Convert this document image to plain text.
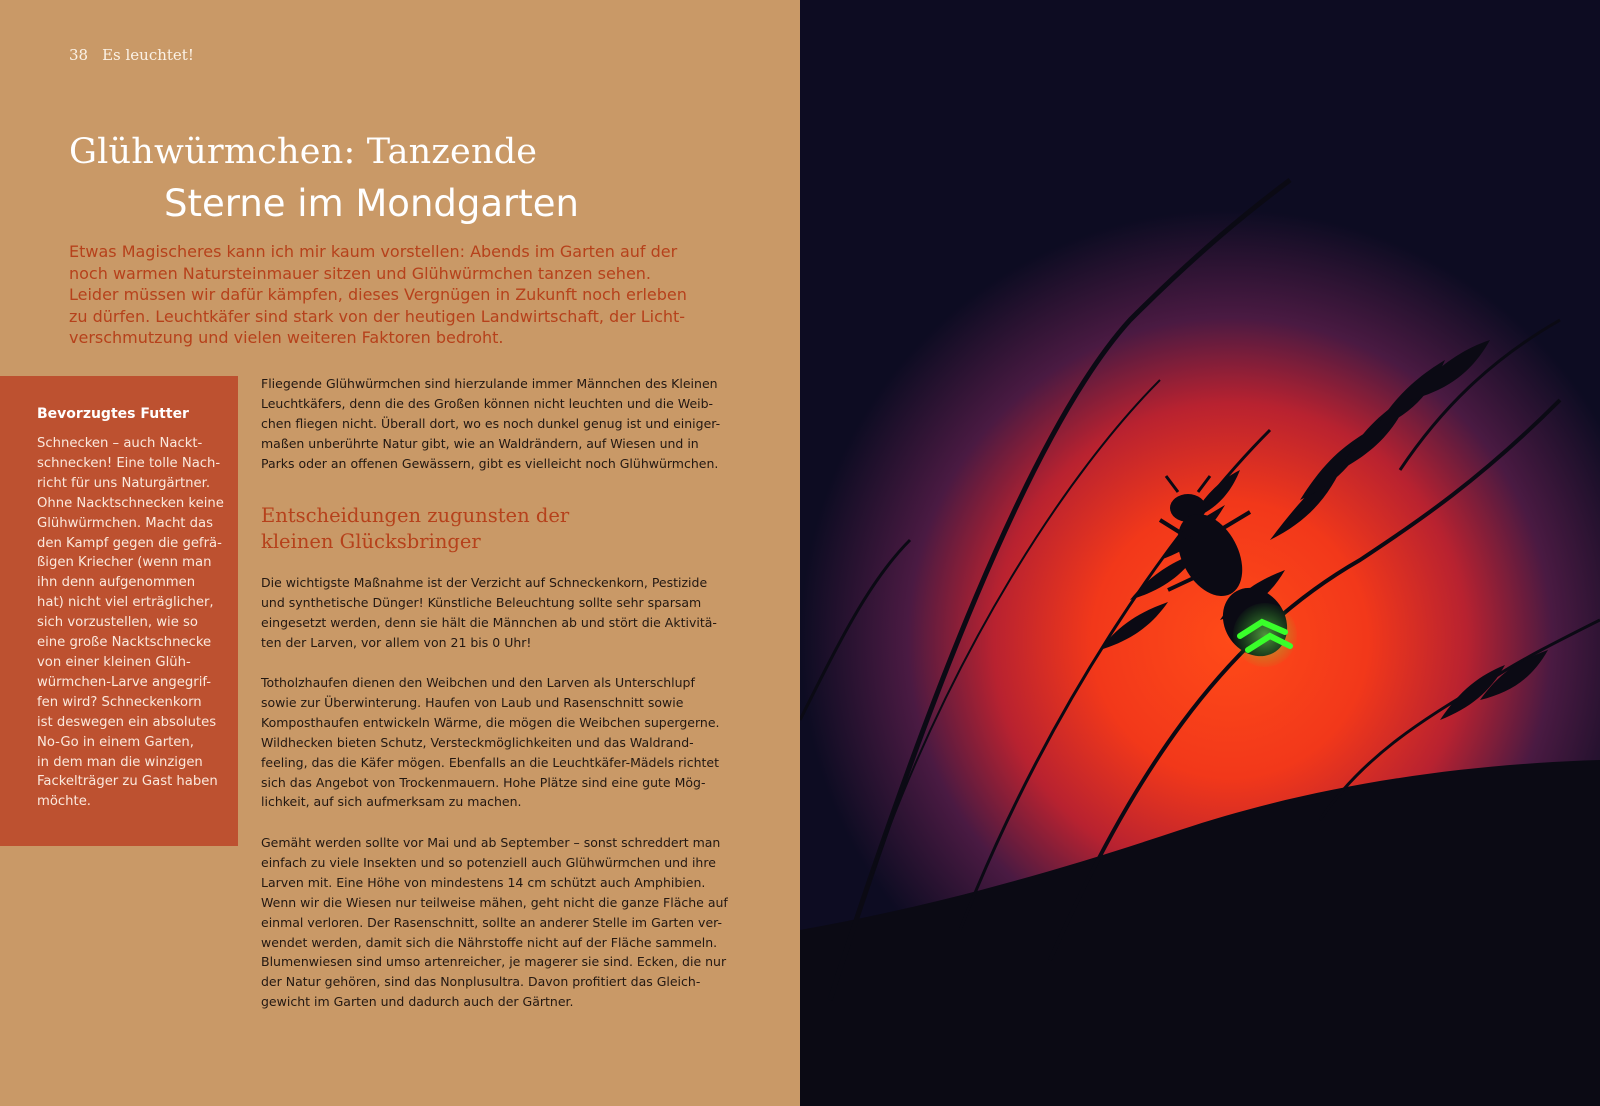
38 Es leuchtet!
Glühwürmchen: Tanzende
Sterne im Mondgarten
Etwas Magischeres kann ich mir kaum vorstellen: Abends im Garten auf der
noch warmen Natursteinmauer sitzen und Glühwürmchen tanzen sehen.
Leider müssen wir dafür kämpfen, dieses Vergnügen in Zukunft noch erleben
zu dürfen. Leuchtkäfer sind stark von der heutigen Landwirtschaft, der Licht-
verschmutzung und vielen weiteren Faktoren bedroht.
Bevorzugtes Futter
Schnecken – auch Nackt-
schnecken! Eine tolle Nach-
richt für uns Naturgärtner.
Ohne Nacktschnecken keine
Glühwürmchen. Macht das
den Kampf gegen die gefrä-
ßigen Kriecher (wenn man
ihn denn aufgenommen
hat) nicht viel erträglicher,
sich vorzustellen, wie so
eine große Nacktschnecke
von einer kleinen Glüh-
würmchen-Larve angegrif-
fen wird? Schneckenkorn
ist deswegen ein absolutes
No-Go in einem Garten,
in dem man die winzigen
Fackelträger zu Gast haben
möchte.
Fliegende Glühwürmchen sind hierzulande immer Männchen des Kleinen
Leuchtkäfers, denn die des Großen können nicht leuchten und die Weib-
chen fliegen nicht. Überall dort, wo es noch dunkel genug ist und einiger-
maßen unberührte Natur gibt, wie an Waldrändern, auf Wiesen und in
Parks oder an offenen Gewässern, gibt es vielleicht noch Glühwürmchen.
Entscheidungen zugunsten der
kleinen Glücksbringer
Die wichtigste Maßnahme ist der Verzicht auf Schneckenkorn, Pestizide
und synthetische Dünger! Künstliche Beleuchtung sollte sehr sparsam
eingesetzt werden, denn sie hält die Männchen ab und stört die Aktivitä-
ten der Larven, vor allem von 21 bis 0 Uhr!
Totholzhaufen dienen den Weibchen und den Larven als Unterschlupf
sowie zur Überwinterung. Haufen von Laub und Rasenschnitt sowie
Komposthaufen entwickeln Wärme, die mögen die Weibchen supergerne.
Wildhecken bieten Schutz, Versteckmöglichkeiten und das Waldrand-
feeling, das die Käfer mögen. Ebenfalls an die Leuchtkäfer-Mädels richtet
sich das Angebot von Trockenmauern. Hohe Plätze sind eine gute Mög-
lichkeit, auf sich aufmerksam zu machen.
Gemäht werden sollte vor Mai und ab September – sonst schreddert man
einfach zu viele Insekten und so potenziell auch Glühwürmchen und ihre
Larven mit. Eine Höhe von mindestens 14 cm schützt auch Amphibien.
Wenn wir die Wiesen nur teilweise mähen, geht nicht die ganze Fläche auf
einmal verloren. Der Rasenschnitt, sollte an anderer Stelle im Garten ver-
wendet werden, damit sich die Nährstoffe nicht auf der Fläche sammeln.
Blumenwiesen sind umso artenreicher, je magerer sie sind. Ecken, die nur
der Natur gehören, sind das Nonplusultra. Davon profitiert das Gleich-
gewicht im Garten und dadurch auch der Gärtner.
